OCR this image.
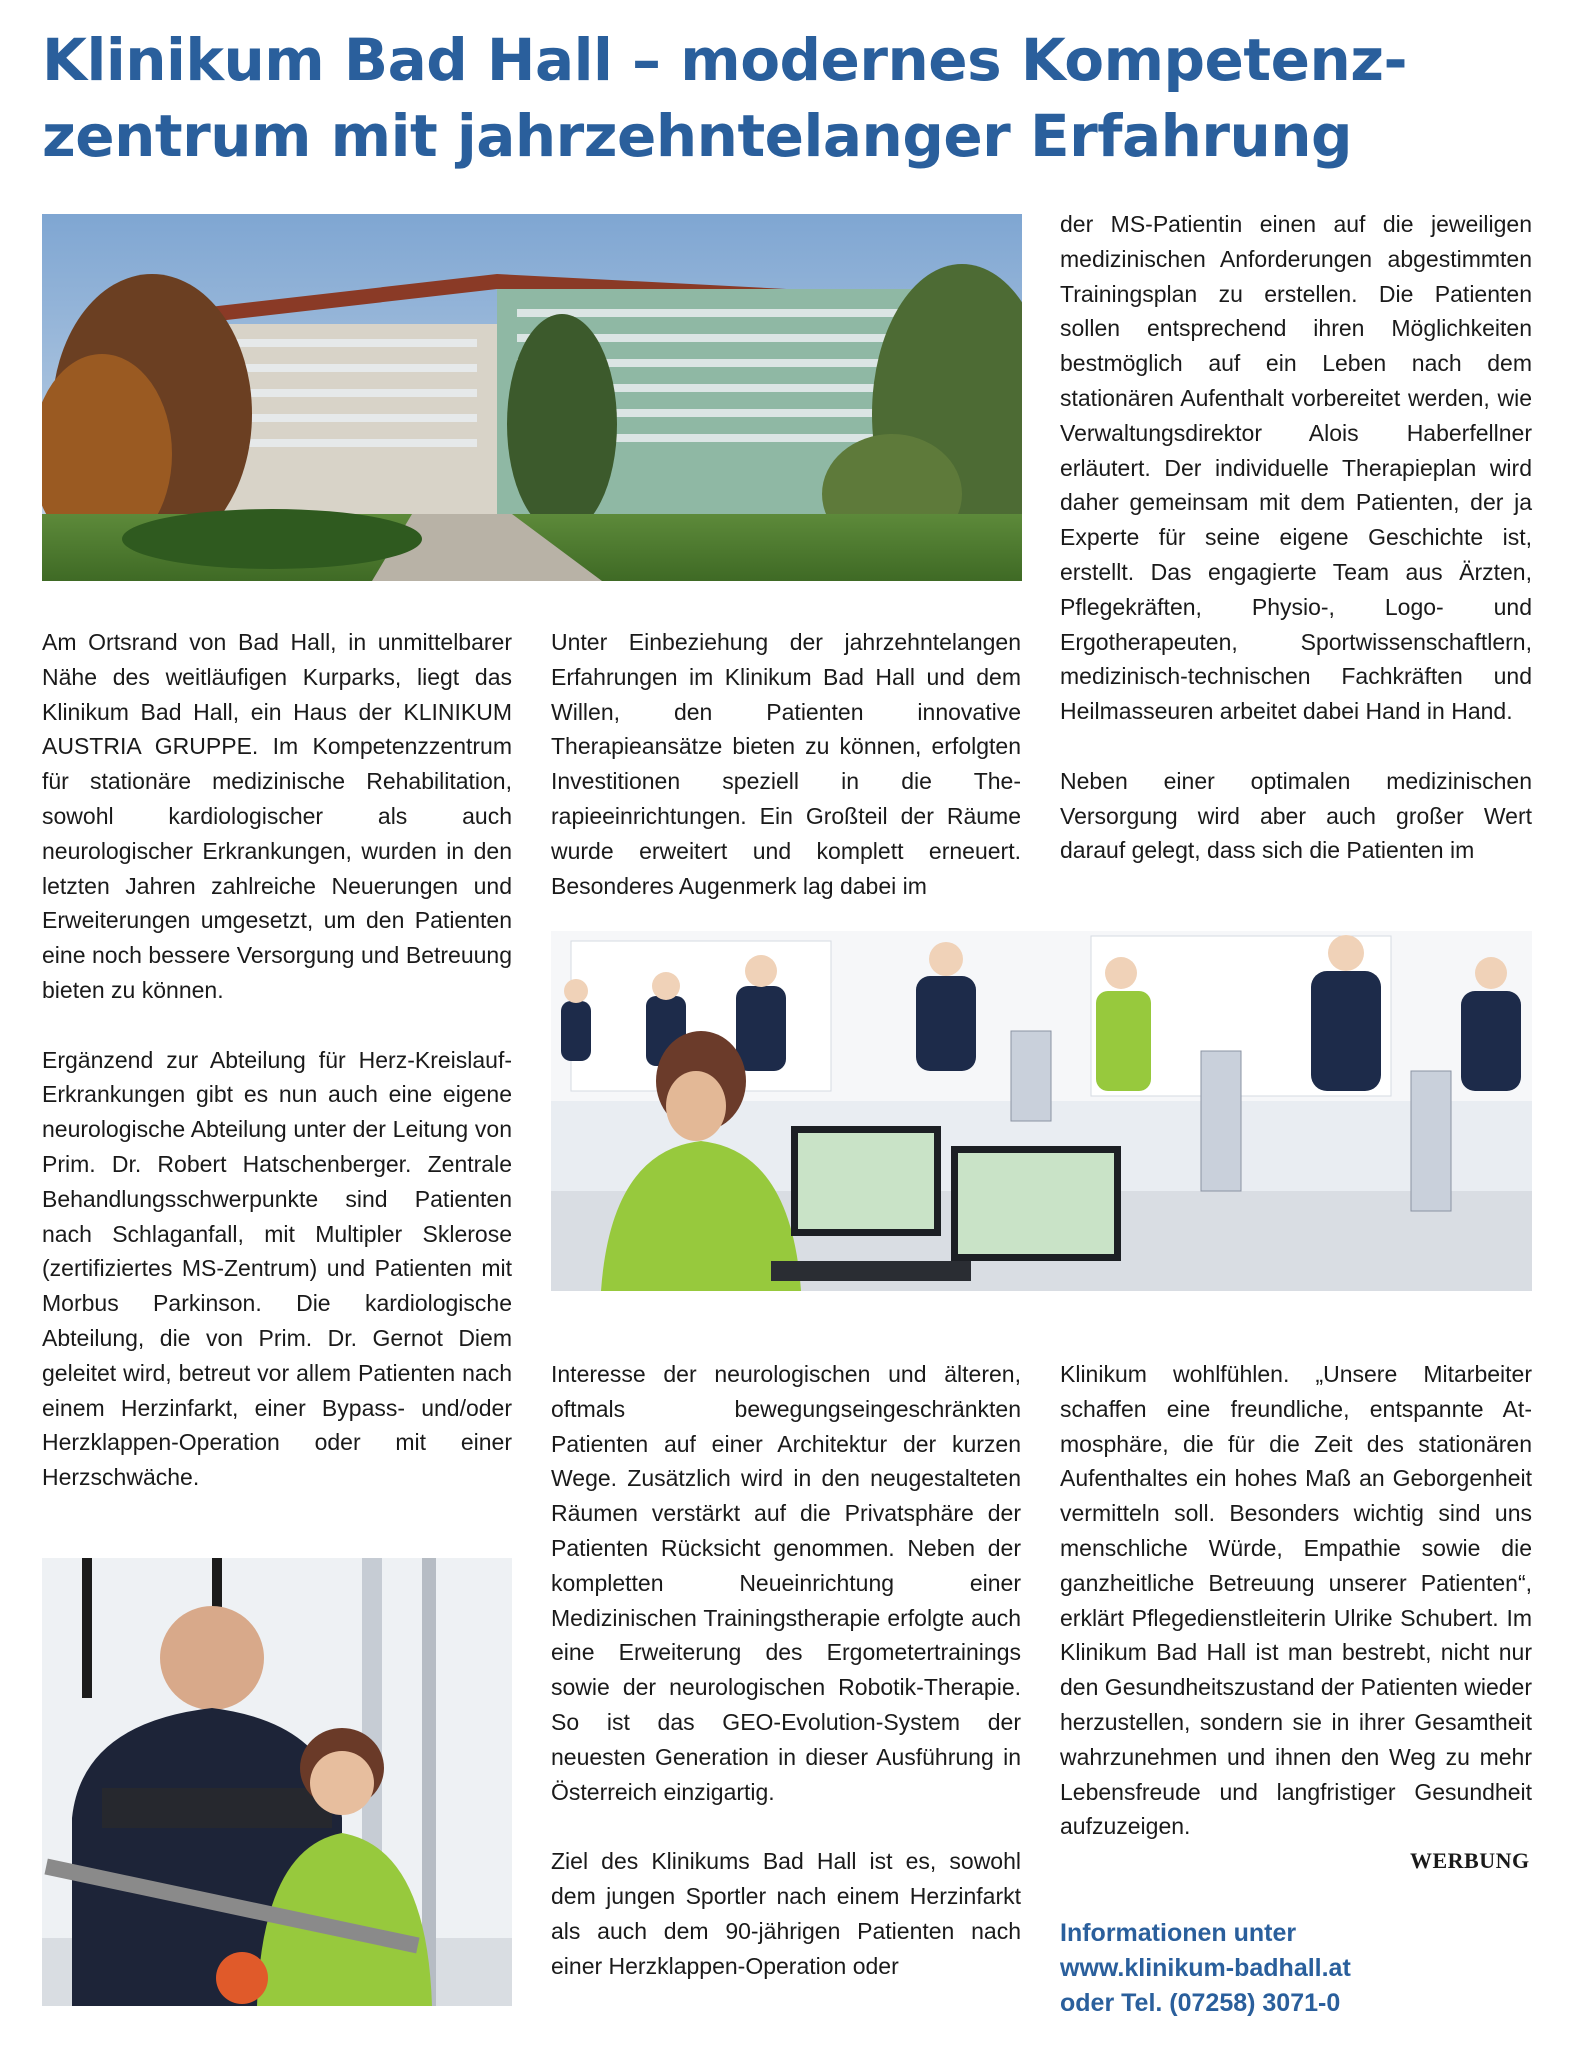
Klinikum Bad Hall – modernes Kompetenz-
zentrum mit jahrzehntelanger Erfahrung

Am Ortsrand von Bad Hall, in unmittelbarer Nähe des weitläufigen Kurparks, liegt das Klinikum Bad Hall, ein Haus der KLINIKUM AUSTRIA GRUPPE. Im Kompetenzzentrum für stationäre medizinische Rehabilitation, sowohl kardiologischer als auch neurologischer Erkrankungen, wurden in den letzten Jahren zahlreiche Neuerungen und Erweiterungen umgesetzt, um den Patienten eine noch bessere Versorgung und Betreuung bieten zu können.

Ergänzend zur Abteilung für Herz-Kreislauf-Erkrankungen gibt es nun auch eine eigene neurologische Abteilung unter der Leitung von Prim. Dr. Robert Hatschenberger. Zentrale Behandlungsschwerpunkte sind Patienten nach Schlaganfall, mit Multipler Sklerose (zertifiziertes MS-Zentrum) und Patienten mit Morbus Parkinson. Die kardiologische Abteilung, die von Prim. Dr. Gernot Diem geleitet wird, betreut vor allem Patienten nach einem Herzinfarkt, einer Bypass- und/oder Herzklappen-Operation oder mit einer Herzschwäche.

Unter Einbeziehung der jahrzehntelangen Erfahrungen im Klinikum Bad Hall und dem Willen, den Patienten innovative Therapieansätze bieten zu können, erfolgten Investitionen speziell in die Therapieeinrichtungen. Ein Großteil der Räume wurde erweitert und komplett erneuert. Besonderes Augenmerk lag dabei im

der MS-Patientin einen auf die jeweiligen medizinischen Anforderungen abgestimmten Trainingsplan zu erstellen. Die Patienten sollen entsprechend ihren Möglichkeiten bestmöglich auf ein Leben nach dem stationären Aufenthalt vorbereitet werden, wie Verwaltungsdirektor Alois Haberfellner erläutert. Der individuelle Therapieplan wird daher gemeinsam mit dem Patienten, der ja Experte für seine eigene Geschichte ist, erstellt. Das engagierte Team aus Ärzten, Pflegekräften, Physio-, Logo- und Ergotherapeuten, Sportwissenschaftlern, medizinisch-technischen Fachkräften und Heilmasseuren arbeitet dabei Hand in Hand.

Neben einer optimalen medizinischen Versorgung wird aber auch großer Wert darauf gelegt, dass sich die Patienten im

Interesse der neurologischen und älteren, oftmals bewegungseingeschränkten Patienten auf einer Architektur der kurzen Wege. Zusätzlich wird in den neugestalteten Räumen verstärkt auf die Privatsphäre der Patienten Rücksicht genommen. Neben der kompletten Neueinrichtung einer Medizinischen Trainingstherapie erfolgte auch eine Erweiterung des Ergometertrainings sowie der neurologischen Robotik-Therapie. So ist das GEO-Evolution-System der neuesten Generation in dieser Ausführung in Österreich einzigartig.

Ziel des Klinikums Bad Hall ist es, sowohl dem jungen Sportler nach einem Herzinfarkt als auch dem 90-jährigen Patienten nach einer Herzklappen-Operation oder

Klinikum wohlfühlen. „Unsere Mitarbeiter schaffen eine freundliche, entspannte Atmosphäre, die für die Zeit des stationären Aufenthaltes ein hohes Maß an Geborgenheit vermitteln soll. Besonders wichtig sind uns menschliche Würde, Empathie sowie die ganzheitliche Betreuung unserer Patienten“, erklärt Pflegedienstleiterin Ulrike Schubert. Im Klinikum Bad Hall ist man bestrebt, nicht nur den Gesundheitszustand der Patienten wieder herzustellen, sondern sie in ihrer Gesamtheit wahrzunehmen und ihnen den Weg zu mehr Lebensfreude und langfristiger Gesundheit aufzuzeigen.

WERBUNG
Informationen unter
www.klinikum-badhall.at
oder Tel. (07258) 3071-0
